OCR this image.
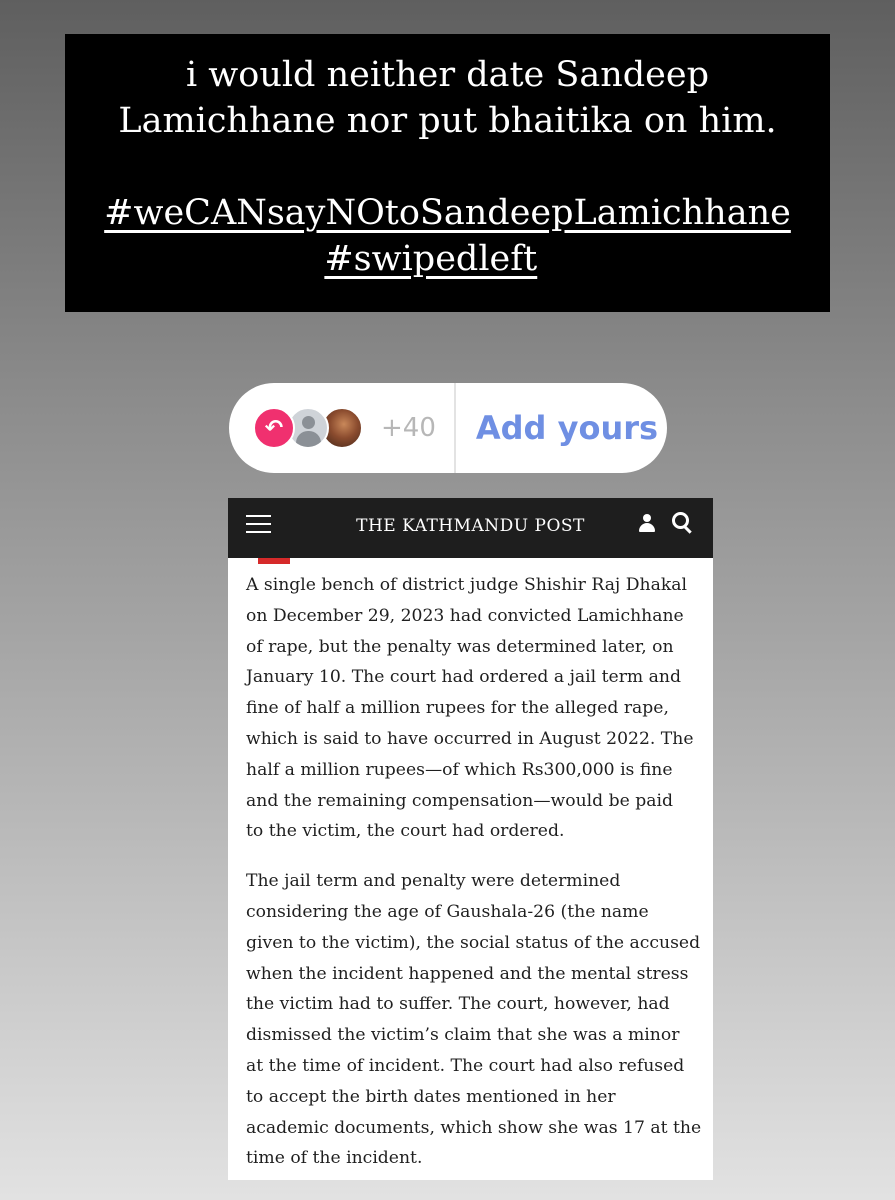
i would neither date Sandeep
Lamichhane nor put bhaitika on him.
#weCANsayNOtoSandeepLamichhane
#swipedleft
↶	+40 Add yours
THE KATHMANDU POST
A single bench of district judge Shishir Raj Dhakal
on December 29, 2023 had convicted Lamichhane
of rape, but the penalty was determined later, on
January 10. The court had ordered a jail term and
fine of half a million rupees for the alleged rape,
which is said to have occurred in August 2022. The
half a million rupees—of which Rs300,000 is fine
and the remaining compensation—would be paid
to the victim, the court had ordered.
The jail term and penalty were determined
considering the age of Gaushala-26 (the name
given to the victim), the social status of the accused
when the incident happened and the mental stress
the victim had to suffer. The court, however, had
dismissed the victim’s claim that she was a minor
at the time of incident. The court had also refused
to accept the birth dates mentioned in her
academic documents, which show she was 17 at the
time of the incident.
